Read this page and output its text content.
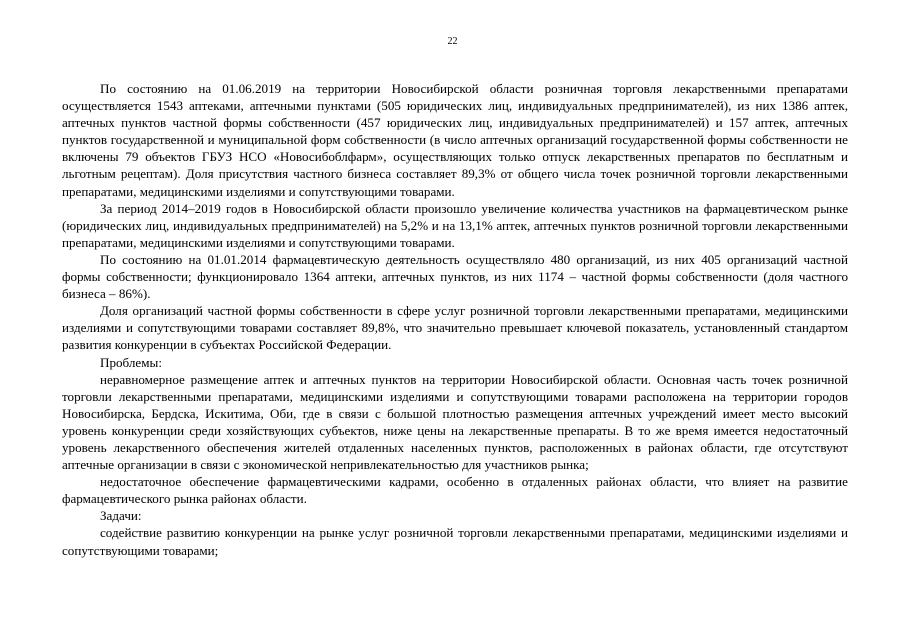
22

По состоянию на 01.06.2019 на территории Новосибирской области розничная торговля лекарственными препаратами осуществляется 1543 аптеками, аптечными пунктами (505 юридических лиц, индивидуальных предпринимателей), из них 1386 аптек, аптечных пунктов частной формы собственности (457 юридических лиц, индивидуальных предпринимателей) и 157 аптек, аптечных пунктов государственной и муниципальной форм собственности (в число аптечных организаций государственной формы собственности не включены 79 объектов ГБУЗ НСО «Новосибоблфарм», осуществляющих только отпуск лекарственных препаратов по бесплатным и льготным рецептам). Доля присутствия частного бизнеса составляет 89,3% от общего числа точек розничной торговли лекарственными препаратами, медицинскими изделиями и сопутствующими товарами.

За период 2014–2019 годов в Новосибирской области произошло увеличение количества участников на фармацевтическом рынке (юридических лиц, индивидуальных предпринимателей) на 5,2% и на 13,1% аптек, аптечных пунктов розничной торговли лекарственными препаратами, медицинскими изделиями и сопутствующими товарами.

По состоянию на 01.01.2014 фармацевтическую деятельность осуществляло 480 организаций, из них 405 организаций частной формы собственности; функционировало 1364 аптеки, аптечных пунктов, из них 1174 – частной формы собственности (доля частного бизнеса – 86%).

Доля организаций частной формы собственности в сфере услуг розничной торговли лекарственными препаратами, медицинскими изделиями и сопутствующими товарами составляет 89,8%, что значительно превышает ключевой показатель, установленный стандартом развития конкуренции в субъектах Российской Федерации.

Проблемы:

неравномерное размещение аптек и аптечных пунктов на территории Новосибирской области. Основная часть точек розничной торговли лекарственными препаратами, медицинскими изделиями и сопутствующими товарами расположена на территории городов Новосибирска, Бердска, Искитима, Оби, где в связи с большой плотностью размещения аптечных учреждений имеет место высокий уровень конкуренции среди хозяйствующих субъектов, ниже цены на лекарственные препараты. В то же время имеется недостаточный уровень лекарственного обеспечения жителей отдаленных населенных пунктов, расположенных в районах области, где отсутствуют аптечные организации в связи с экономической непривлекательностью для участников рынка;

недостаточное обеспечение фармацевтическими кадрами, особенно в отдаленных районах области, что влияет на развитие фармацевтического рынка районах области.

Задачи:

содействие развитию конкуренции на рынке услуг розничной торговли лекарственными препаратами, медицинскими изделиями и сопутствующими товарами;
